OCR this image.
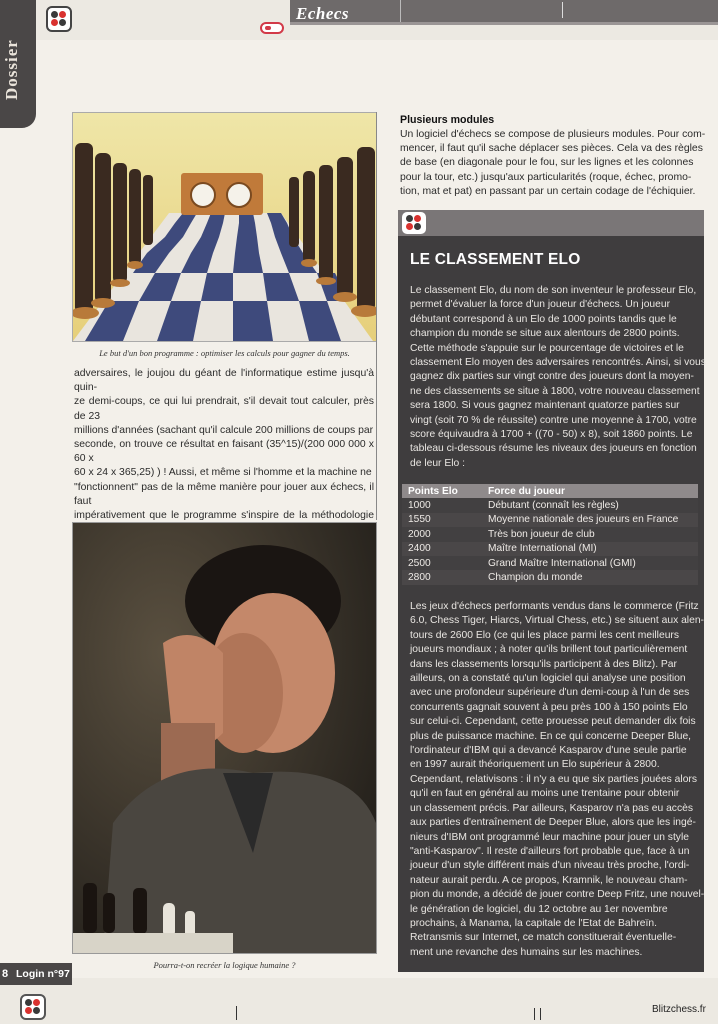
Echecs
Dossier
Le but d'un bon programme : optimiser les calculs pour gagner du temps.
adversaires, le joujou du géant de l'informatique estime jusqu'à quin-
ze demi-coups, ce qui lui prendrait, s'il devait tout calculer, près de 23
millions d'années (sachant qu'il calcule 200 millions de coups par
seconde, on trouve ce résultat en faisant (35^15)/(200 000 000 x 60 x
60 x 24 x 365,25) ) ! Aussi, et même si l'homme et la machine ne
"fonctionnent" pas de la même manière pour jouer aux échecs, il faut
impérativement que le programme s'inspire de la méthodologie
Pourra-t-on recréer la logique humaine ?
Plusieurs modules
Un logiciel d'échecs se compose de plusieurs modules. Pour com-
mencer, il faut qu'il sache déplacer ses pièces. Cela va des règles
de base (en diagonale pour le fou, sur les lignes et les colonnes
pour la tour, etc.) jusqu'aux particularités (roque, échec, promo-
tion, mat et pat) en passant par un certain codage de l'échiquier.
LE CLASSEMENT ELO
Le classement Elo, du nom de son inventeur le professeur Elo,
permet d'évaluer la force d'un joueur d'échecs. Un joueur
débutant correspond à un Elo de 1000 points tandis que le
champion du monde se situe aux alentours de 2800 points.
Cette méthode s'appuie sur le pourcentage de victoires et le
classement Elo moyen des adversaires rencontrés. Ainsi, si vous
gagnez dix parties sur vingt contre des joueurs dont la moyen-
ne des classements se situe à 1800, votre nouveau classement
sera 1800. Si vous gagnez maintenant quatorze parties sur
vingt (soit 70 % de réussite) contre une moyenne à 1700, votre
score équivaudra à 1700 + ((70 - 50) x 8), soit 1860 points. Le
tableau ci-dessous résume les niveaux des joueurs en fonction
de leur Elo :
Points Elo	Force du joueur
1000	Débutant (connaît les règles)
1550	Moyenne nationale des joueurs en France
2000	Très bon joueur de club
2400	Maître International (MI)
2500	Grand Maître International (GMI)
2800	Champion du monde
Les jeux d'échecs performants vendus dans le commerce (Fritz
6.0, Chess Tiger, Hiarcs, Virtual Chess, etc.) se situent aux alen-
tours de 2600 Elo (ce qui les place parmi les cent meilleurs
joueurs mondiaux ; à noter qu'ils brillent tout particulièrement
dans les classements lorsqu'ils participent à des Blitz). Par
ailleurs, on a constaté qu'un logiciel qui analyse une position
avec une profondeur supérieure d'un demi-coup à l'un de ses
concurrents gagnait souvent à peu près 100 à 150 points Elo
sur celui-ci. Cependant, cette prouesse peut demander dix fois
plus de puissance machine. En ce qui concerne Deeper Blue,
l'ordinateur d'IBM qui a devancé Kasparov d'une seule partie
en 1997 aurait théoriquement un Elo supérieur à 2800.
Cependant, relativisons : il n'y a eu que six parties jouées alors
qu'il en faut en général au moins une trentaine pour obtenir
un classement précis. Par ailleurs, Kasparov n'a pas eu accès
aux parties d'entraînement de Deeper Blue, alors que les ingé-
nieurs d'IBM ont programmé leur machine pour jouer un style
"anti-Kasparov". Il reste d'ailleurs fort probable que, face à un
joueur d'un style différent mais d'un niveau très proche, l'ordi-
nateur aurait perdu. A ce propos, Kramnik, le nouveau cham-
pion du monde, a décidé de jouer contre Deep Fritz, une nouvel-
le génération de logiciel, du 12 octobre au 1er novembre
prochains, à Manama, la capitale de l'Etat de Bahreïn.
Retransmis sur Internet, ce match constituerait éventuelle-
ment une revanche des humains sur les machines.
8 Login n°97
Blitzchess.fr
